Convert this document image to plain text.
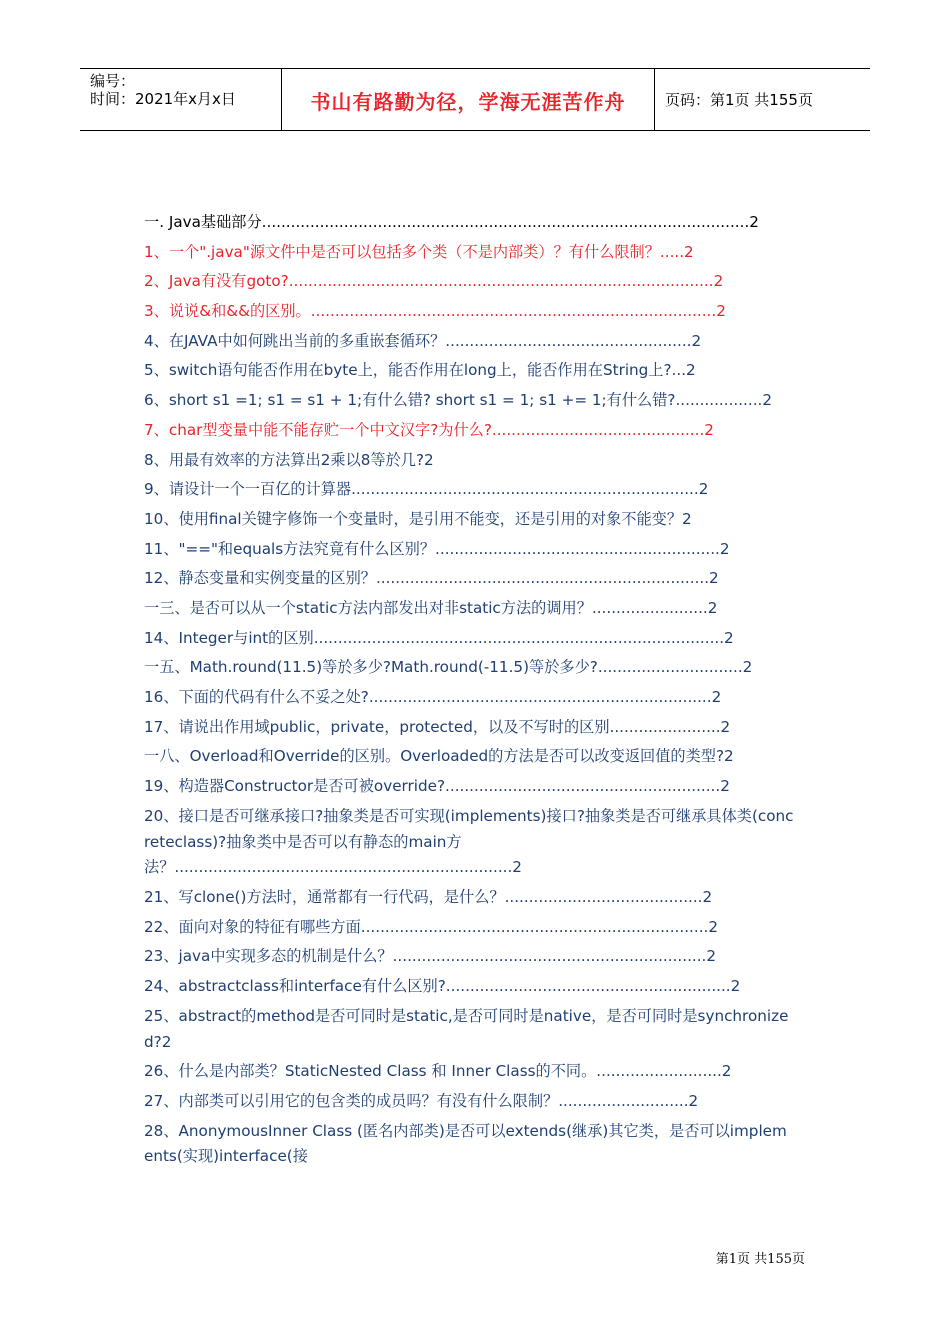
编号：
时间：2021年x月x日	书山有路勤为径，学海无涯苦作舟	页码：第1页 共155页
一. Java基础部分.....................................................................................................2
1、一个".java"源文件中是否可以包括多个类（不是内部类）？有什么限制？.....2
2、Java有没有goto?........................................................................................2
3、说说&和&&的区别。....................................................................................2
4、在JAVA中如何跳出当前的多重嵌套循环？...................................................2
5、switch语句能否作用在byte上，能否作用在long上，能否作用在String上?...2
6、short s1 =1; s1 = s1 + 1;有什么错? short s1 = 1; s1 += 1;有什么错?..................2
7、char型变量中能不能存贮一个中文汉字?为什么?............................................2
8、用最有效率的方法算出2乘以8等於几?2
9、请设计一个一百亿的计算器........................................................................2
10、使用final关键字修饰一个变量时，是引用不能变，还是引用的对象不能变？2
11、"=="和equals方法究竟有什么区别？...........................................................2
12、静态变量和实例变量的区别？.....................................................................2
一三、是否可以从一个static方法内部发出对非static方法的调用？........................2
14、Integer与int的区别.....................................................................................2
一五、Math.round(11.5)等於多少?Math.round(-11.5)等於多少?..............................2
16、下面的代码有什么不妥之处?.......................................................................2
17、请说出作用域public，private，protected，以及不写时的区别.......................2
一八、Overload和Override的区别。Overloaded的方法是否可以改变返回值的类型?2
19、构造器Constructor是否可被override?.........................................................2
20、接口是否可继承接口?抽象类是否可实现(implements)接口?抽象类是否可继承具体类(concreteclass)?抽象类中是否可以有静态的main方法？......................................................................2
21、写clone()方法时，通常都有一行代码，是什么？.........................................2
22、面向对象的特征有哪些方面........................................................................2
23、java中实现多态的机制是什么？.................................................................2
24、abstractclass和interface有什么区别?...........................................................2
25、abstract的method是否可同时是static,是否可同时是native，是否可同时是synchronized?2
26、什么是内部类？StaticNested Class 和 Inner Class的不同。..........................2
27、内部类可以引用它的包含类的成员吗？有没有什么限制？...........................2
28、AnonymousInner Class (匿名内部类)是否可以extends(继承)其它类，是否可以implements(实现)interface(接
第1页 共155页
